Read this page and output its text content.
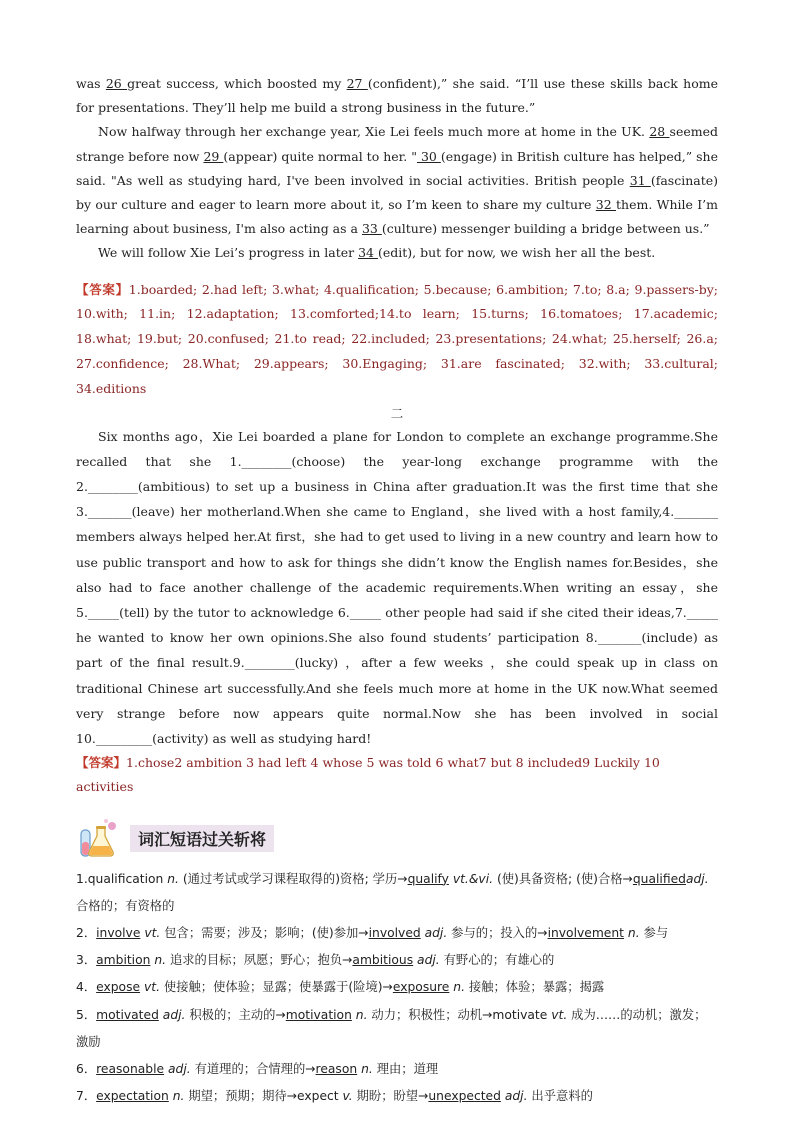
was 26 great success, which boosted my 27 (confident),” she said. “I’ll use these skills back home for presentations. They’ll help me build a strong business in the future.”

Now halfway through her exchange year, Xie Lei feels much more at home in the UK. 28 seemed strange before now 29 (appear) quite normal to her. " 30 (engage) in British culture has helped,” she said. "As well as studying hard, I've been involved in social activities. British people 31 (fascinate) by our culture and eager to learn more about it, so I’m keen to share my culture 32 them. While I’m learning about business, I'm also acting as a 33 (culture) messenger building a bridge between us.”

We will follow Xie Lei’s progress in later 34 (edit), but for now, we wish her all the best.

【答案】1.boarded; 2.had left; 3.what; 4.qualification; 5.because; 6.ambition; 7.to; 8.a; 9.passers-by; 10.with; 11.in; 12.adaptation; 13.comforted;14.to learn; 15.turns; 16.tomatoes; 17.academic; 18.what; 19.but; 20.confused; 21.to read; 22.included; 23.presentations; 24.what; 25.herself; 26.a; 27.confidence; 28.What; 29.appears; 30.Engaging; 31.are fascinated; 32.with; 33.cultural; 34.editions

二

Six months ago，Xie Lei boarded a plane for London to complete an exchange programme.She recalled that she 1.________(choose) the year-long exchange programme with the 2.________(ambitious) to set up a business in China after graduation.It was the first time that she 3._______(leave) her motherland.When she came to England，she lived with a host family,4._______ members always helped her.At first，she had to get used to living in a new country and learn how to use public transport and how to ask for things she didn’t know the English names for.Besides，she also had to face another challenge of the academic requirements.When writing an essay，she 5._____(tell) by the tutor to acknowledge 6._____ other people had said if she cited their ideas,7._____ he wanted to know her own opinions.She also found students’ participation 8._______(include) as part of the final result.9.________(lucky) ，after a few weeks ，she could speak up in class on traditional Chinese art successfully.And she feels much more at home in the UK now.What seemed very strange before now appears quite normal.Now she has been involved in social 10._________(activity) as well as studying hard!

【答案】1.chose2 ambition 3 had left 4 whose 5 was told 6 what7 but 8 included9 Luckily 10 activities

词汇短语过关斩将

1.qualification n. (通过考试或学习课程取得的)资格; 学历→qualify vt.&vi. (使)具备资格; (使)合格→qualifiedadj. 合格的；有资格的

2．involve vt. 包含；需要；涉及；影响；(使)参加→involved adj. 参与的；投入的→involvement n. 参与

3．ambition n. 追求的目标；夙愿；野心；抱负→ambitious adj. 有野心的；有雄心的

4．expose vt. 使接触；使体验；显露；使暴露于(险境)→exposure n. 接触；体验；暴露；揭露

5．motivated adj. 积极的；主动的→motivation n. 动力；积极性；动机→motivate vt. 成为……的动机；激发；激励

6．reasonable adj. 有道理的；合情理的→reason n. 理由；道理

7．expectation n. 期望；预期；期待→expect v. 期盼；盼望→unexpected adj. 出乎意料的
